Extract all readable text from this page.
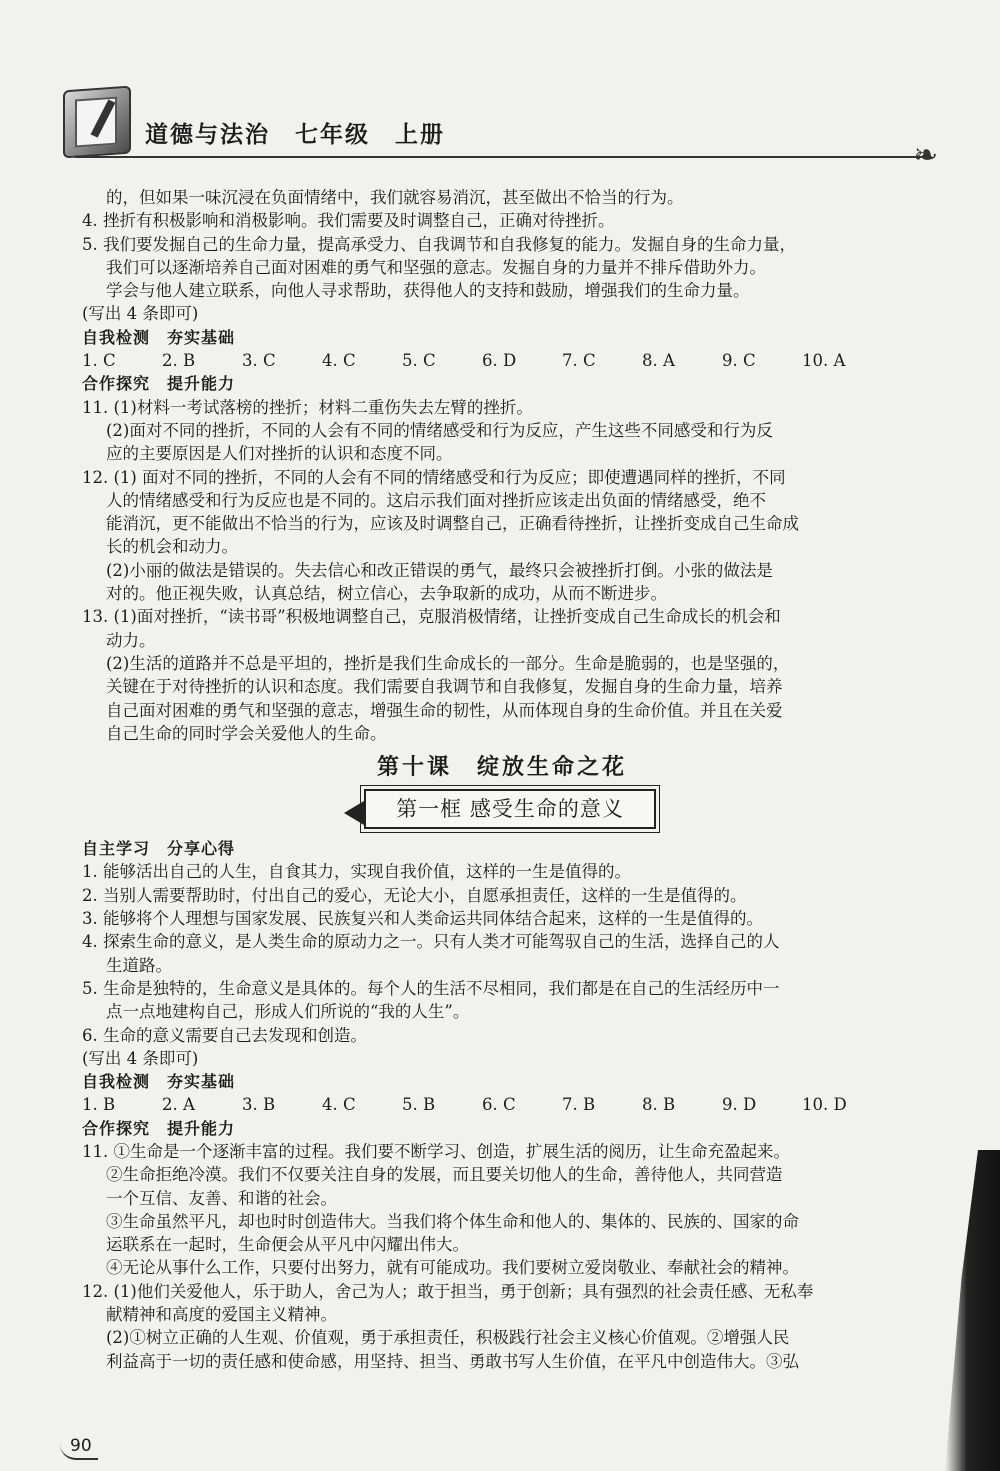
道德与法治　七年级　上册
❧
的，但如果一味沉浸在负面情绪中，我们就容易消沉，甚至做出不恰当的行为。
4. 挫折有积极影响和消极影响。我们需要及时调整自己，正确对待挫折。
5. 我们要发掘自己的生命力量，提高承受力、自我调节和自我修复的能力。发掘自身的生命力量，
我们可以逐渐培养自己面对困难的勇气和坚强的意志。发掘自身的力量并不排斥借助外力。
学会与他人建立联系，向他人寻求帮助，获得他人的支持和鼓励，增强我们的生命力量。
(写出 4 条即可)
自我检测　夯实基础
1. C	2. B	3. C	4. C	5. C	6. D	7. C	8. A	9. C	10. A
合作探究　提升能力
11. (1)材料一考试落榜的挫折；材料二重伤失去左臂的挫折。
(2)面对不同的挫折，不同的人会有不同的情绪感受和行为反应，产生这些不同感受和行为反
应的主要原因是人们对挫折的认识和态度不同。
12. (1) 面对不同的挫折，不同的人会有不同的情绪感受和行为反应；即使遭遇同样的挫折，不同
人的情绪感受和行为反应也是不同的。这启示我们面对挫折应该走出负面的情绪感受，绝不
能消沉，更不能做出不恰当的行为，应该及时调整自己，正确看待挫折，让挫折变成自己生命成
长的机会和动力。
(2)小丽的做法是错误的。失去信心和改正错误的勇气，最终只会被挫折打倒。小张的做法是
对的。他正视失败，认真总结，树立信心，去争取新的成功，从而不断进步。
13. (1)面对挫折，“读书哥”积极地调整自己，克服消极情绪，让挫折变成自己生命成长的机会和
动力。
(2)生活的道路并不总是平坦的，挫折是我们生命成长的一部分。生命是脆弱的，也是坚强的，
关键在于对待挫折的认识和态度。我们需要自我调节和自我修复，发掘自身的生命力量，培养
自己面对困难的勇气和坚强的意志，增强生命的韧性，从而体现自身的生命价值。并且在关爱
自己生命的同时学会关爱他人的生命。
第十课　绽放生命之花
第一框 感受生命的意义
自主学习　分享心得
1. 能够活出自己的人生，自食其力，实现自我价值，这样的一生是值得的。
2. 当别人需要帮助时，付出自己的爱心，无论大小，自愿承担责任，这样的一生是值得的。
3. 能够将个人理想与国家发展、民族复兴和人类命运共同体结合起来，这样的一生是值得的。
4. 探索生命的意义，是人类生命的原动力之一。只有人类才可能驾驭自己的生活，选择自己的人
生道路。
5. 生命是独特的，生命意义是具体的。每个人的生活不尽相同，我们都是在自己的生活经历中一
点一点地建构自己，形成人们所说的“我的人生”。
6. 生命的意义需要自己去发现和创造。
(写出 4 条即可)
自我检测　夯实基础
1. B	2. A	3. B	4. C	5. B	6. C	7. B	8. B	9. D	10. D
合作探究　提升能力
11. ①生命是一个逐渐丰富的过程。我们要不断学习、创造，扩展生活的阅历，让生命充盈起来。
②生命拒绝冷漠。我们不仅要关注自身的发展，而且要关切他人的生命，善待他人，共同营造
一个互信、友善、和谐的社会。
③生命虽然平凡，却也时时创造伟大。当我们将个体生命和他人的、集体的、民族的、国家的命
运联系在一起时，生命便会从平凡中闪耀出伟大。
④无论从事什么工作，只要付出努力，就有可能成功。我们要树立爱岗敬业、奉献社会的精神。
12. (1)他们关爱他人，乐于助人，舍己为人；敢于担当，勇于创新；具有强烈的社会责任感、无私奉
献精神和高度的爱国主义精神。
(2)①树立正确的人生观、价值观，勇于承担责任，积极践行社会主义核心价值观。②增强人民
利益高于一切的责任感和使命感，用坚持、担当、勇敢书写人生价值，在平凡中创造伟大。③弘
90
